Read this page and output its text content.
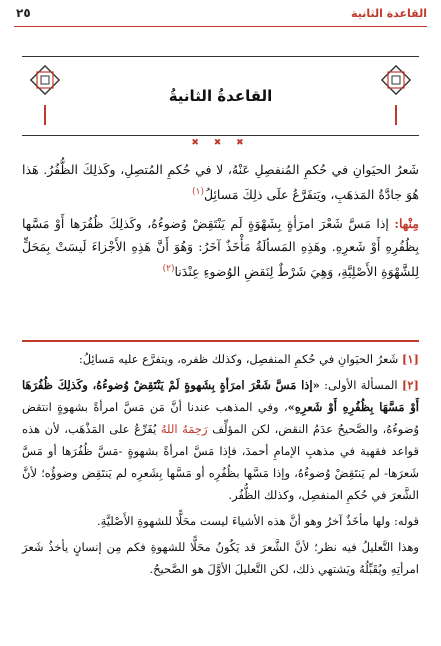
القاعدة الثانية
٢٥
القاعدةُ الثانيةُ
✖ ✖ ✖

شَعرُ الحيَوانِ في حُكمِ المُنفصِلِ عَنْهُ، لا في حُكمِ المُتصِلِ، وكَذلِكَ الظُّفُرُ. هَذا هُوَ جادَّةُ المَذهَبِ، ويَتفَرَّعُ علَى ذلِكَ مَسائِلُ$^{(١)}$

مِنْها: إذا مَسَّ شَعْرَ امرَأةٍ بِشَهْوَةٍ لَم يَنْتَقِضْ وُضوءُهُ، وكَذلِكَ ظُفُرَها أَوْ مَسَّها بِظُفُرِهِ أَوْ شَعرِهِ. وهَذِهِ المَسألَةُ مَأْخَذٌ آخَرُ: وَهُوَ أَنَّ هَذِهِ الأَجْزاءَ لَيسَتْ بِمَحَلٍّ لِلشَّهْوَةِ الأَصْلِيَّةِ، وَهِيَ شَرْطٌ لِنَقضِ الوُضوءِ عِنْدَنا$^{(٢)}$

[١] شَعرُ الحيَوانِ في حُكمِ المنفصِل، وكذلك ظفره، ويتفرَّع عليه مَسائِلُ:

[٢] المسألة الأولى: «إذا مَسَّ شَعْرَ امرَأةٍ بِشَهوةٍ لَمْ يَنْتَقِضْ وُضوءُهُ، وكَذلِكَ ظُفُرَهَا أَوْ مَسَّهَا بِظُفُرِهِ أَوْ شَعرِهِ»، وفي المذهب عندنا أنَّ مَن مَسَّ امرأةً بشهوةٍ انتقض وُضوءُهُ، والصَّحيحُ عدَمُ النقض، لكن المؤلِّف رَحِمَهُ اللهُ يُفَرِّعُ على المَذْهَب، لأن هذه قواعد فقهية في مذهبِ الإمامِ أحمدَ، فإذا مَسَّ امرأةً بشهوةٍ -مَسَّ ظُفُرَها أو مَسَّ شَعرَها- لم يَنتَقِضْ وُضوءُهُ، وإذا مَسَّها بظُفُرِه أو مَسَّها بِشَعرِه لم يَنتَقِض وضوؤُه؛ لأنَّ الشَّعرَ في حُكمِ المنفصِل، وكذلك الظُّفُر.

قوله: ولها مأخَذٌ آخرُ وهو أنَّ هذه الأشياءَ ليست محَلًّا للشهوةِ الأَصْليَّةِ.

وهذا التَّعليلُ فيه نظر؛ لأنَّ الشَّعرَ قد يَكُونُ محَلًّا للشهوةِ فكم مِن إنسانٍ يأخذُ شَعرَ امرأتِهِ ويُقَبِّلُهُ ويَشتهي ذلك، لكن التَّعليلَ الأوَّلَ هو الصَّحيحُ.
